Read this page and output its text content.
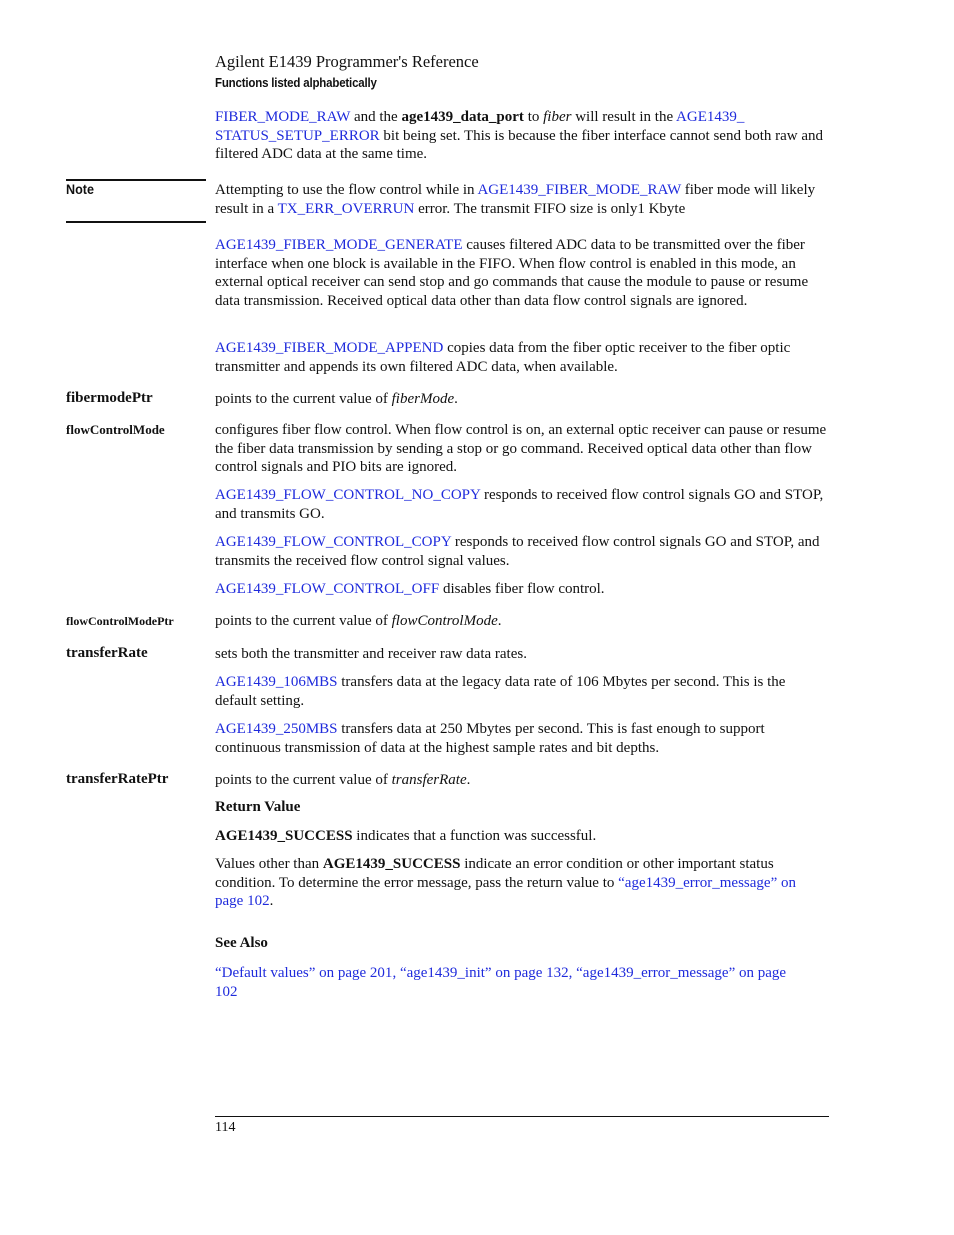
Agilent E1439 Programmer's Reference
Functions listed alphabetically
FIBER_MODE_RAW and the age1439_data_port to fiber will result in the AGE1439_
STATUS_SETUP_ERROR bit being set. This is because the fiber interface cannot send both raw and filtered ADC data at the same time.
Note	Attempting to use the flow control while in AGE1439_FIBER_MODE_RAW fiber mode will likely result in a TX_ERR_OVERRUN error. The transmit FIFO size is only1 Kbyte
AGE1439_FIBER_MODE_GENERATE causes filtered ADC data to be transmitted over the fiber interface when one block is available in the FIFO. When flow control is enabled in this mode, an external optical receiver can send stop and go commands that cause the module to pause or resume data transmission. Received optical data other than data flow control signals are ignored.
AGE1439_FIBER_MODE_APPEND copies data from the fiber optic receiver to the fiber optic transmitter and appends its own filtered ADC data, when available.
fibermodePtr	points to the current value of fiberMode.
flowControlMode	configures fiber flow control. When flow control is on, an external optic receiver can pause or resume the fiber data transmission by sending a stop or go command. Received optical data other than flow control signals and PIO bits are ignored.
AGE1439_FLOW_CONTROL_NO_COPY responds to received flow control signals GO and STOP, and transmits GO.
AGE1439_FLOW_CONTROL_COPY responds to received flow control signals GO and STOP, and transmits the received flow control signal values.
AGE1439_FLOW_CONTROL_OFF disables fiber flow control.
flowControlModePtr	points to the current value of flowControlMode.
transferRate	sets both the transmitter and receiver raw data rates.
AGE1439_106MBS transfers data at the legacy data rate of 106 Mbytes per second. This is the default setting.
AGE1439_250MBS transfers data at 250 Mbytes per second. This is fast enough to support continuous transmission of data at the highest sample rates and bit depths.
transferRatePtr	points to the current value of transferRate.
Return Value
AGE1439_SUCCESS indicates that a function was successful.
Values other than AGE1439_SUCCESS indicate an error condition or other important status condition. To determine the error message, pass the return value to “age1439_error_message” on page 102.
See Also
“Default values” on page 201, “age1439_init” on page 132, “age1439_error_message” on page 102
114
